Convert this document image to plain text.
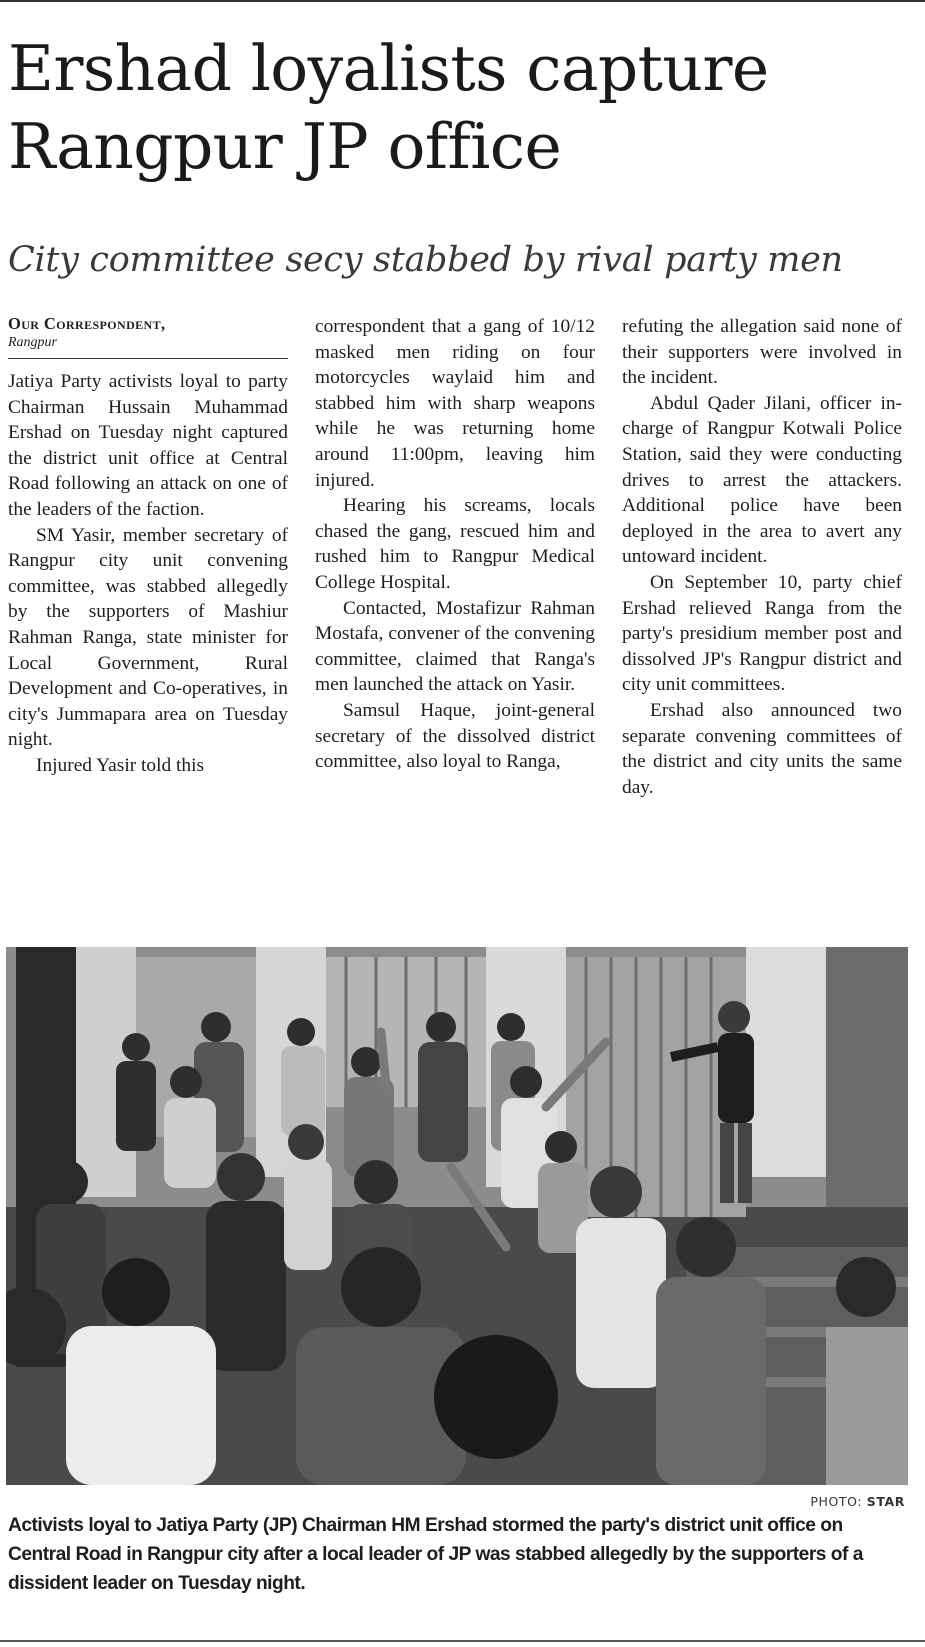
Ershad loyalists capture Rangpur JP office
City committee secy stabbed by rival party men
Our Correspondent,
Rangpur

Jatiya Party activists loyal to party Chairman Hussain Muhammad Ershad on Tuesday night captured the district unit office at Central Road following an attack on one of the leaders of the faction.

SM Yasir, member secretary of Rangpur city unit convening committee, was stabbed allegedly by the supporters of Mashiur Rahman Ranga, state minister for Local Government, Rural Development and Co-operatives, in city's Jummapara area on Tuesday night.

Injured Yasir told this

correspondent that a gang of 10/12 masked men riding on four motorcycles waylaid him and stabbed him with sharp weapons while he was returning home around 11:00pm, leaving him injured.

Hearing his screams, locals chased the gang, rescued him and rushed him to Rangpur Medical College Hospital.

Contacted, Mostafizur Rahman Mostafa, convener of the convening committee, claimed that Ranga's men launched the attack on Yasir.

Samsul Haque, joint-general secretary of the dissolved district committee, also loyal to Ranga,

refuting the allegation said none of their supporters were involved in the incident.

Abdul Qader Jilani, officer in-charge of Rangpur Kotwali Police Station, said they were conducting drives to arrest the attackers. Additional police have been deployed in the area to avert any untoward incident.

On September 10, party chief Ershad relieved Ranga from the party's presidium member post and dissolved JP's Rangpur district and city unit committees.

Ershad also announced two separate convening committees of the district and city units the same day.

PHOTO: STAR

Activists loyal to Jatiya Party (JP) Chairman HM Ershad stormed the party's district unit office on Central Road in Rangpur city after a local leader of JP was stabbed allegedly by the supporters of a dissident leader on Tuesday night.
